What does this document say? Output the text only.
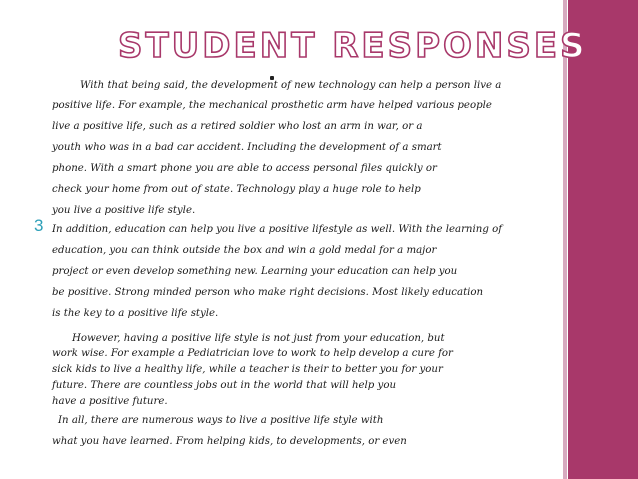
STUDENT RESPONSES
3
With that being said, the development of new technology can help a person live a
positive life. For example, the mechanical prosthetic arm have helped various people
live a positive life, such as a retired soldier who lost an arm in war, or a
youth who was in a bad car accident. Including the development of a smart
phone. With a smart phone you are able to access personal files quickly or
check your home from out of state. Technology play a huge role to help
you live a positive life style.
In addition, education can help you live a positive lifestyle as well. With the learning of
education, you can think outside the box and win a gold medal for a major
project or even develop something new. Learning your education can help you
be positive. Strong minded person who make right decisions. Most likely education
is the key to a positive life style.
However, having a positive life style is not just from your education, but
work wise. For example a Pediatrician love to work to help develop a cure for
sick kids to live a healthy life, while a teacher is their to better you for your
future. There are countless jobs out in the world that will help you
have a positive future.
In all, there are numerous ways to live a positive life style with
what you have learned. From helping kids, to developments, or even
